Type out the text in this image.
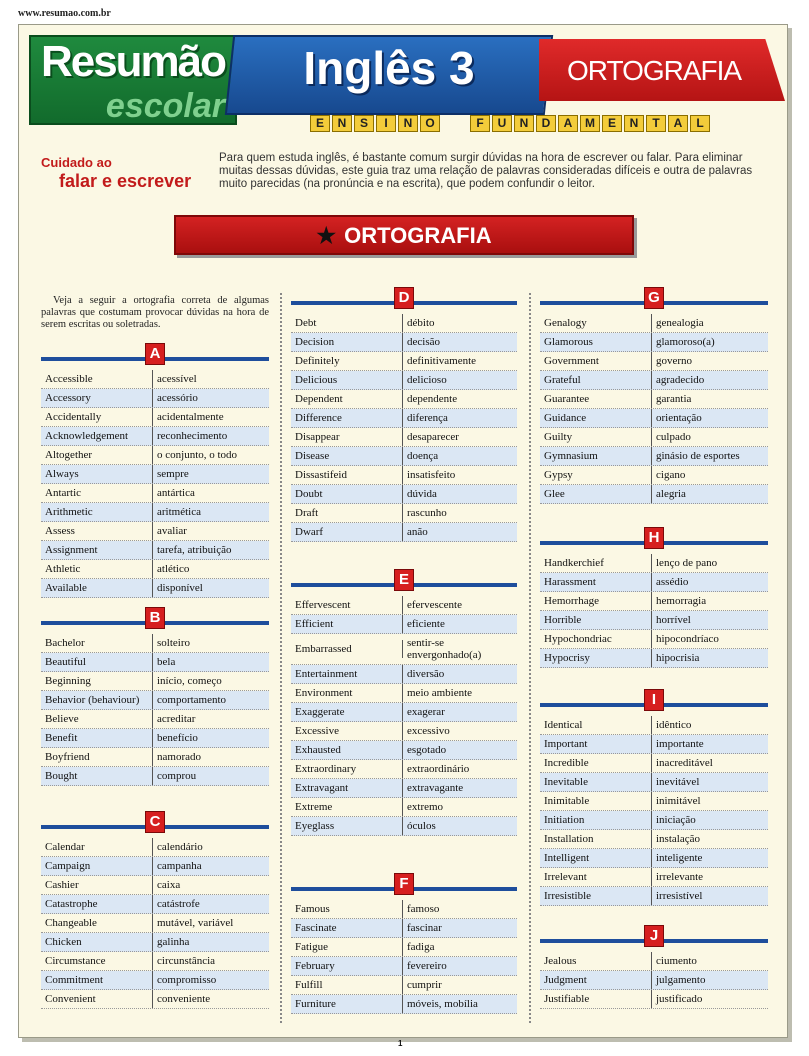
www.resumao.com.br
Resumão
escolar
Inglês 3	ORTOGRAFIA
E	N	S	I	N	O	F	U	N	D	A	M	E	N	T	A	L
Cuidado ao
falar e escrever
Para quem estuda inglês, é bastante comum surgir dúvidas na hora de escrever ou falar. Para eliminar muitas dessas dúvidas, este guia traz uma relação de palavras consideradas difíceis e outra de palavras muito parecidas (na pronúncia e na escrita), que podem confundir o leitor.
★ ORTOGRAFIA
Veja a seguir a ortografia correta de algumas palavras que costumam provocar dúvidas na hora de serem escritas ou soletradas.
A
Accessible	acessível
Accessory	acessório
Accidentally	acidentalmente
Acknowledgement	reconhecimento
Altogether	o conjunto, o todo
Always	sempre
Antartic	antártica
Arithmetic	aritmética
Assess	avaliar
Assignment	tarefa, atribuição
Athletic	atlético
Available	disponível
B
Bachelor	solteiro
Beautiful	bela
Beginning	início, começo
Behavior (behaviour)	comportamento
Believe	acreditar
Benefit	benefício
Boyfriend	namorado
Bought	comprou
C
Calendar	calendário
Campaign	campanha
Cashier	caixa
Catastrophe	catástrofe
Changeable	mutável, variável
Chicken	galinha
Circumstance	circunstância
Commitment	compromisso
Convenient	conveniente
D
Debt	débito
Decision	decisão
Definitely	definitivamente
Delicious	delicioso
Dependent	dependente
Difference	diferença
Disappear	desaparecer
Disease	doença
Dissastifeid	insatisfeito
Doubt	dúvida
Draft	rascunho
Dwarf	anão
E
Effervescent	efervescente
Efficient	eficiente
Embarrassed	sentir-se envergonhado(a)
Entertainment	diversão
Environment	meio ambiente
Exaggerate	exagerar
Excessive	excessivo
Exhausted	esgotado
Extraordinary	extraordinário
Extravagant	extravagante
Extreme	extremo
Eyeglass	óculos
F
Famous	famoso
Fascinate	fascinar
Fatigue	fadiga
February	fevereiro
Fulfill	cumprir
Furniture	móveis, mobília
G
Genalogy	genealogia
Glamorous	glamoroso(a)
Government	governo
Grateful	agradecido
Guarantee	garantia
Guidance	orientação
Guilty	culpado
Gymnasium	ginásio de esportes
Gypsy	cigano
Glee	alegria
H
Handkerchief	lenço de pano
Harassment	assédio
Hemorrhage	hemorragia
Horrible	horrível
Hypochondriac	hipocondríaco
Hypocrisy	hipocrisia
I
Identical	idêntico
Important	importante
Incredible	inacreditável
Inevitable	inevitável
Inimitable	inimitável
Initiation	iniciação
Installation	instalação
Intelligent	inteligente
Irrelevant	irrelevante
Irresistible	irresistível
J
Jealous	ciumento
Judgment	julgamento
Justifiable	justificado
1
